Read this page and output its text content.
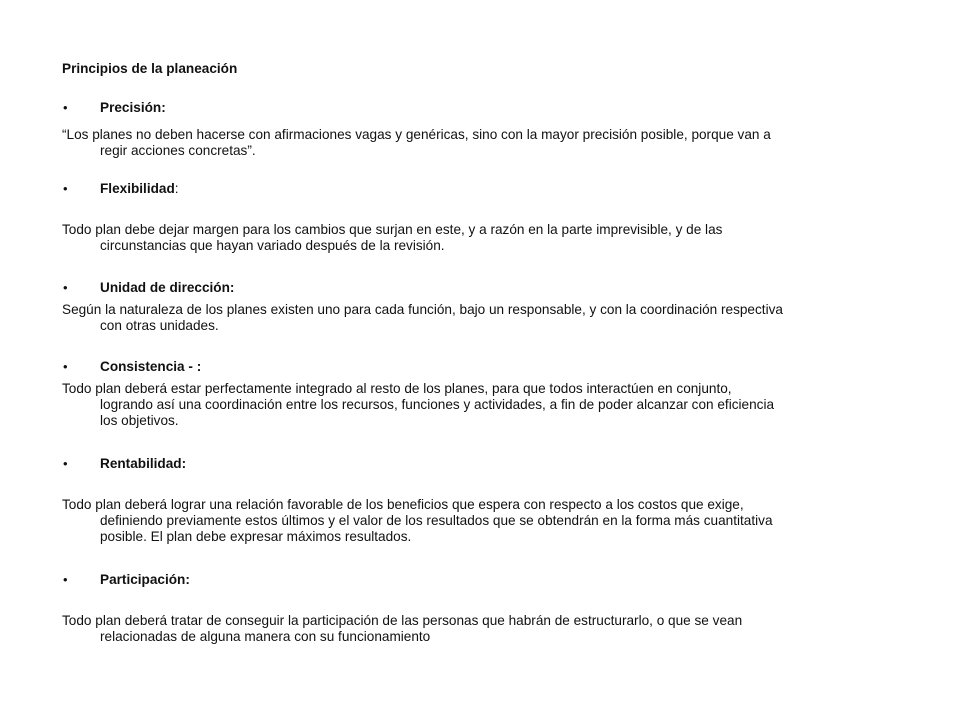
Principios de la planeación
• Precisión:
“Los planes no deben hacerse con afirmaciones vagas y genéricas, sino con la mayor precisión posible, porque van a
regir acciones concretas”.
• Flexibilidad:
Todo plan debe dejar margen para los cambios que surjan en este, y a razón en la parte imprevisible, y de las
circunstancias que hayan variado después de la revisión.
• Unidad de dirección:
Según la naturaleza de los planes existen uno para cada función, bajo un responsable, y con la coordinación respectiva
con otras unidades.
• Consistencia - :
Todo plan deberá estar perfectamente integrado al resto de los planes, para que todos interactúen en conjunto,
logrando así una coordinación entre los recursos, funciones y actividades, a fin de poder alcanzar con eficiencia
los objetivos.
• Rentabilidad:
Todo plan deberá lograr una relación favorable de los beneficios que espera con respecto a los costos que exige,
definiendo previamente estos últimos y el valor de los resultados que se obtendrán en la forma más cuantitativa
posible. El plan debe expresar máximos resultados.
• Participación:
Todo plan deberá tratar de conseguir la participación de las personas que habrán de estructurarlo, o que se vean
relacionadas de alguna manera con su funcionamiento
